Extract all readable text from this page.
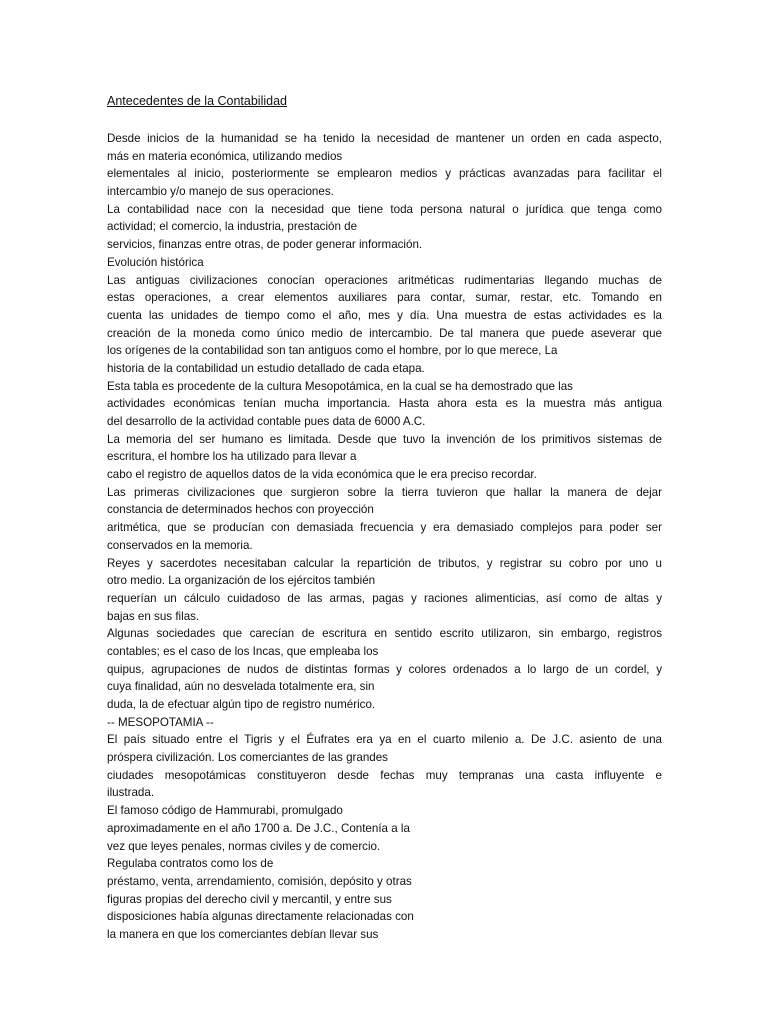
Antecedentes de la Contabilidad
Desde inicios de la humanidad se ha tenido la necesidad de mantener un orden en cada aspecto,
más en materia económica, utilizando medios
elementales al inicio, posteriormente se emplearon medios y prácticas avanzadas para facilitar el
intercambio y/o manejo de sus operaciones.
La contabilidad nace con la necesidad que tiene toda persona natural o jurídica que tenga como
actividad; el comercio, la industria, prestación de
servicios, finanzas entre otras, de poder generar información.
Evolución histórica
Las antiguas civilizaciones conocían operaciones aritméticas rudimentarias llegando muchas de
estas operaciones, a crear elementos auxiliares para contar, sumar, restar, etc. Tomando en
cuenta las unidades de tiempo como el año, mes y día. Una muestra de estas actividades es la
creación de la moneda como único medio de intercambio. De tal manera que puede aseverar que
los orígenes de la contabilidad son tan antiguos como el hombre, por lo que merece, La
historia de la contabilidad un estudio detallado de cada etapa.
Esta tabla es procedente de la cultura Mesopotámica, en la cual se ha demostrado que las
actividades económicas tenían mucha importancia. Hasta ahora esta es la muestra más antigua
del desarrollo de la actividad contable pues data de 6000 A.C.
La memoria del ser humano es limitada. Desde que tuvo la invención de los primitivos sistemas de
escritura, el hombre los ha utilizado para llevar a
cabo el registro de aquellos datos de la vida económica que le era preciso recordar.
Las primeras civilizaciones que surgieron sobre la tierra tuvieron que hallar la manera de dejar
constancia de determinados hechos con proyección
aritmética, que se producían con demasiada frecuencia y era demasiado complejos para poder ser
conservados en la memoria.
Reyes y sacerdotes necesitaban calcular la repartición de tributos, y registrar su cobro por uno u
otro medio. La organización de los ejércitos también
requerían un cálculo cuidadoso de las armas, pagas y raciones alimenticias, así como de altas y
bajas en sus filas.
Algunas sociedades que carecían de escritura en sentido escrito utilizaron, sin embargo, registros
contables; es el caso de los Incas, que empleaba los
quipus, agrupaciones de nudos de distintas formas y colores ordenados a lo largo de un cordel, y
cuya finalidad, aún no desvelada totalmente era, sin
duda, la de efectuar algún tipo de registro numérico.
-- MESOPOTAMIA --
El país situado entre el Tigris y el Éufrates era ya en el cuarto milenio a. De J.C. asiento de una
próspera civilización. Los comerciantes de las grandes
ciudades mesopotámicas constituyeron desde fechas muy tempranas una casta influyente e
ilustrada.
El famoso código de Hammurabi, promulgado
aproximadamente en el año 1700 a. De J.C., Contenía a la
vez que leyes penales, normas civiles y de comercio.
Regulaba contratos como los de
préstamo, venta, arrendamiento, comisión, depósito y otras
figuras propias del derecho civil y mercantil, y entre sus
disposiciones había algunas directamente relacionadas con
la manera en que los comerciantes debían llevar sus
